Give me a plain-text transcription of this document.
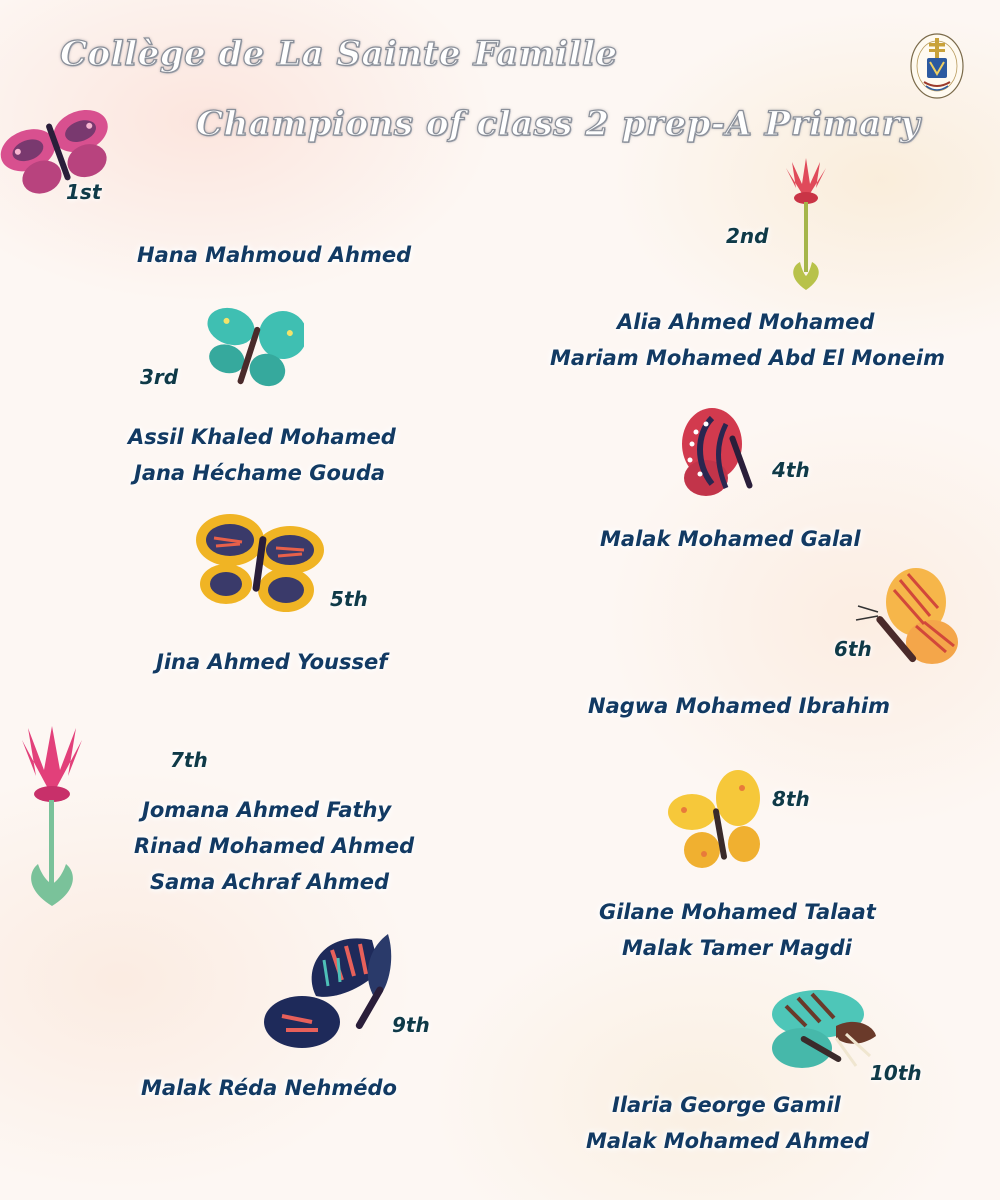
Collège de La Sainte Famille
Champions of class 2 prep-A Primary
1st
2nd
3rd
4th
5th
6th
7th
8th
9th
10th
Hana Mahmoud Ahmed
Alia Ahmed Mohamed
Mariam Mohamed Abd El Moneim
Assil Khaled Mohamed
Jana Héchame Gouda
Malak Mohamed Galal
Jina Ahmed Youssef
Nagwa Mohamed Ibrahim
Jomana Ahmed Fathy
Rinad Mohamed Ahmed
Sama Achraf Ahmed
Gilane Mohamed Talaat
Malak Tamer Magdi
Malak Réda Nehmédo
Ilaria George Gamil
Malak Mohamed Ahmed
